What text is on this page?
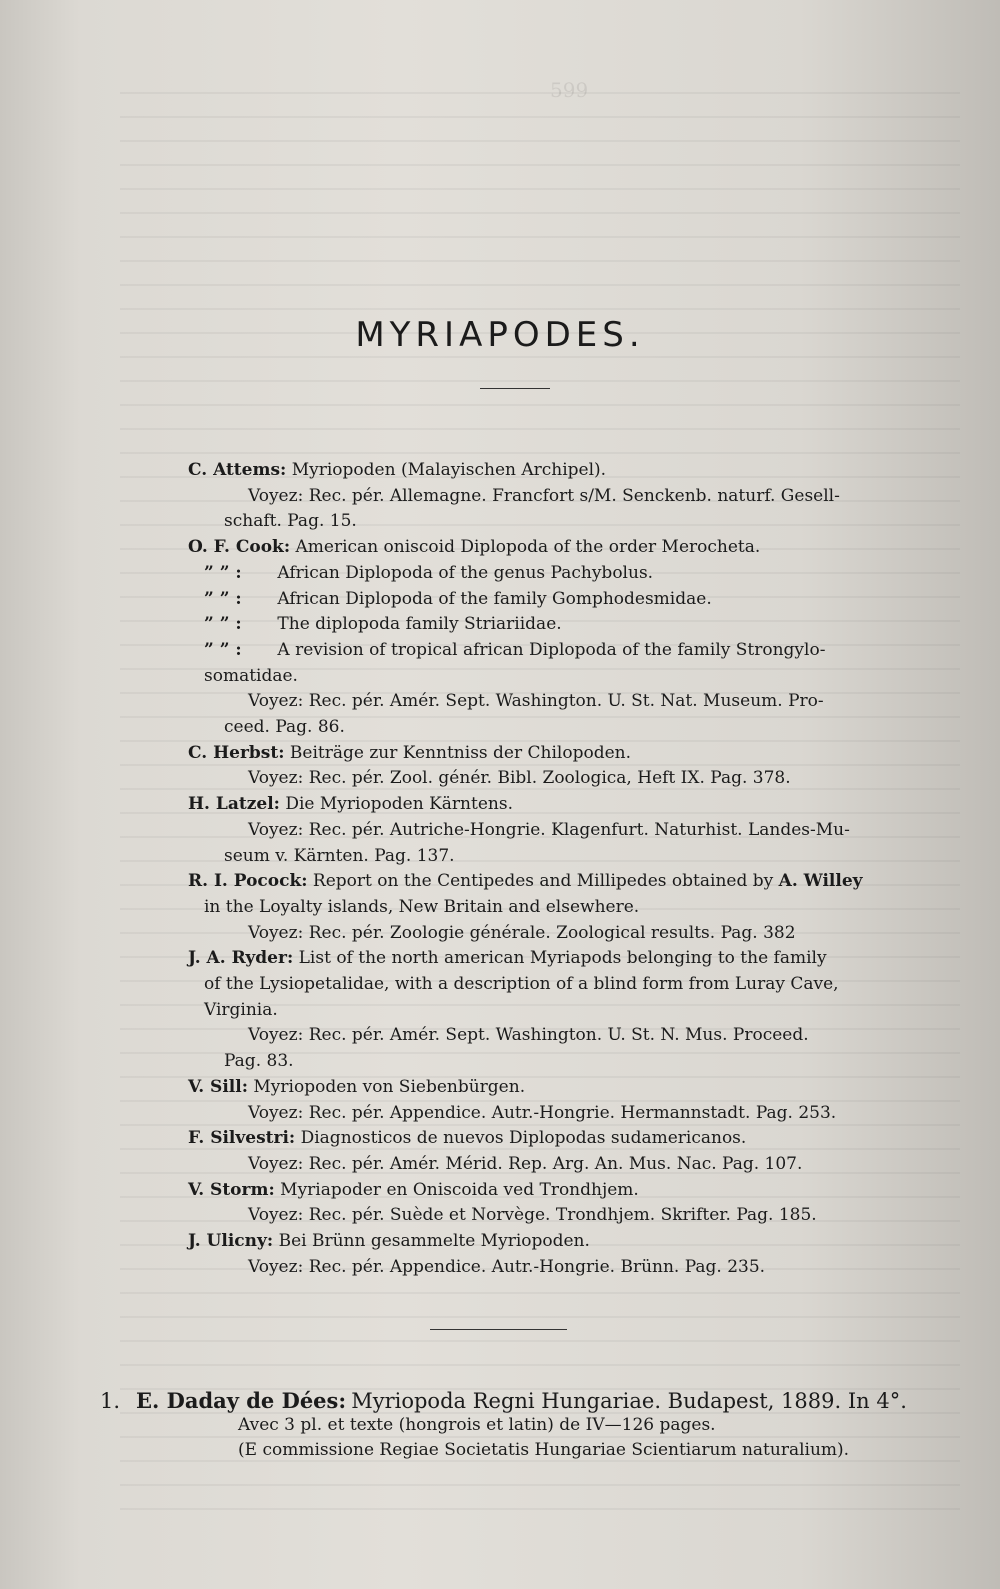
599
MYRIAPODES.
C. Attems: Myriopoden (Malayischen Archipel).
Voyez: Rec. pér. Allemagne. Francfort s/M. Senckenb. naturf. Gesell-
schaft. Pag. 15.
O. F. Cook: American oniscoid Diplopoda of the order Merocheta.
” ” : African Diplopoda of the genus Pachybolus.
” ” : African Diplopoda of the family Gomphodesmidae.
” ” : The diplopoda family Striariidae.
” ” : A revision of tropical african Diplopoda of the family Strongylo-
somatidae.
Voyez: Rec. pér. Amér. Sept. Washington. U. St. Nat. Museum. Pro-
ceed. Pag. 86.
C. Herbst: Beiträge zur Kenntniss der Chilopoden.
Voyez: Rec. pér. Zool. génér. Bibl. Zoologica, Heft IX. Pag. 378.
H. Latzel: Die Myriopoden Kärntens.
Voyez: Rec. pér. Autriche-Hongrie. Klagenfurt. Naturhist. Landes-Mu-
seum v. Kärnten. Pag. 137.
R. I. Pocock: Report on the Centipedes and Millipedes obtained by A. Willey
in the Loyalty islands, New Britain and elsewhere.
Voyez: Rec. pér. Zoologie générale. Zoological results. Pag. 382
J. A. Ryder: List of the north american Myriapods belonging to the family
of the Lysiopetalidae, with a description of a blind form from Luray Cave,
Virginia.
Voyez: Rec. pér. Amér. Sept. Washington. U. St. N. Mus. Proceed.
Pag. 83.
V. Sill: Myriopoden von Siebenbürgen.
Voyez: Rec. pér. Appendice. Autr.-Hongrie. Hermannstadt. Pag. 253.
F. Silvestri: Diagnosticos de nuevos Diplopodas sudamericanos.
Voyez: Rec. pér. Amér. Mérid. Rep. Arg. An. Mus. Nac. Pag. 107.
V. Storm: Myriapoder en Oniscoida ved Trondhjem.
Voyez: Rec. pér. Suède et Norvège. Trondhjem. Skrifter. Pag. 185.
J. Ulicny: Bei Brünn gesammelte Myriopoden.
Voyez: Rec. pér. Appendice. Autr.-Hongrie. Brünn. Pag. 235.
1. E. Daday de Dées: Myriopoda Regni Hungariae. Budapest, 1889. In 4°.
Avec 3 pl. et texte (hongrois et latin) de IV—126 pages.
(E commissione Regiae Societatis Hungariae Scientiarum naturalium).
